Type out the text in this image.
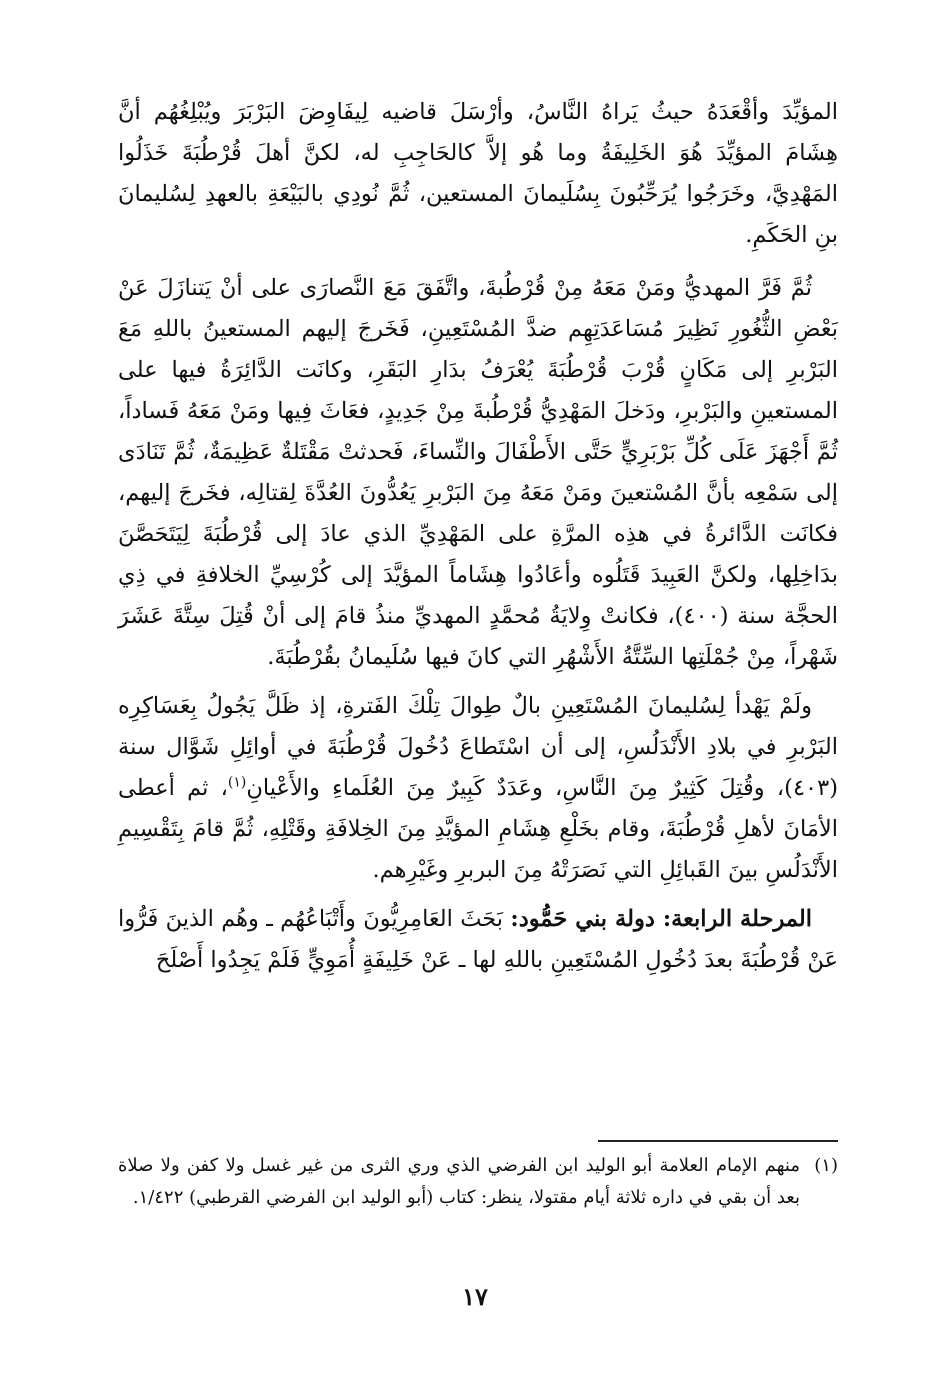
المؤيِّدَ وأقْعَدَهُ حيثُ يَراهُ النَّاسُ، وأرْسَلَ قاضيه لِيفَاوِضَ البَرْبَرَ ويُبْلِغُهُم أنَّ هِشَامَ المؤيِّدَ هُوَ الخَلِيفَةُ وما هُو إلاَّ كالحَاجِبِ له، لكنَّ أهلَ قُرْطُبَةَ خَذَلُوا المَهْدِيَّ، وخَرَجُوا يُرَحِّبُونَ بِسُلَيمانَ المستعين، ثُمَّ نُودِي بالبَيْعَةِ بالعهدِ لِسُليمانَ بنِ الحَكَمِ.

ثُمَّ فَرَّ المهديُّ ومَنْ مَعَهُ مِنْ قُرْطُبةَ، واتَّفَقَ مَعَ النَّصارَى على أنْ يَتنازَلَ عَنْ بَعْضِ الثُّغُورِ نَظِيرَ مُسَاعَدَتِهِم ضدَّ المُسْتَعِينِ، فَخَرجَ إليهم المستعينُ باللهِ مَعَ البَرْبرِ إلى مَكَانٍ قُرْبَ قُرْطُبَةَ يُعْرَفُ بدَارِ البَقَرِ، وكانَت الدَّائِرَةُ فيها على المستعينِ والبَرْبرِ، ودَخلَ المَهْدِيُّ قُرْطُبةَ مِنْ جَدِيدٍ، فعَاثَ فِيها ومَنْ مَعَهُ فَساداً، ثُمَّ أَجْهَزَ عَلَى كُلِّ بَرْبَرِيٍّ حَتَّى الأَطْفَالَ والنِّساءَ، فَحدثتْ مَقْتَلةٌ عَظِيمَةٌ، ثُمَّ تَنَادَى إلى سَمْعِه بأنَّ المُسْتعينَ ومَنْ مَعَهُ مِنَ البَرْبرِ يَعُدُّونَ العُدَّةَ لِقتالِه، فخَرجَ إليهم، فكانَت الدَّائرةُ في هذِه المرَّةِ على المَهْدِيِّ الذي عادَ إلى قُرْطُبَةَ لِيَتَحَصَّنَ بدَاخِلِها، ولكنَّ العَبِيدَ قَتَلُوه وأعَادُوا هِشَاماً المؤيَّدَ إلى كُرْسِيِّ الخلافةِ في ذِي الحجَّة سنة (٤٠٠)، فكانتْ وِلايَةُ مُحمَّدٍ المهديِّ منذُ قامَ إلى أنْ قُتِلَ سِتَّةَ عَشَرَ شَهْراً، مِنْ جُمْلَتِها السِّتَّةُ الأَشْهُرِ التي كانَ فيها سُلَيمانُ بقُرْطُبَةَ.

ولَمْ يَهْدأ لِسُليمانَ المُسْتَعِينِ بالٌ طِوالَ تِلْكَ الفَترةِ، إذ ظَلَّ يَجُولُ بِعَسَاكِرِه البَرْبرِ في بلادِ الأَنْدَلُسِ، إلى أن اسْتَطاعَ دُخُولَ قُرْطُبَةَ في أوائِلِ شَوَّال سنة (٤٠٣)، وقُتِلَ كَثِيرٌ مِنَ النَّاسِ، وعَدَدٌ كَبِيرٌ مِنَ العُلَماءِ والأَعْيانِ$^{(١)}$، ثم أعطى الأمَانَ لأهلِ قُرْطُبَةَ، وقام بخَلْعِ هِشَامِ المؤيَّدِ مِنَ الخِلافَةِ وقَتْلِهِ، ثُمَّ قامَ بِتَقْسِيمِ الأَنْدَلُسِ بينَ القَبائِلِ التي نَصَرَتْهُ مِنَ البربرِ وغَيْرِهم.

المرحلة الرابعة: دولة بني حَمُّود: بَحَثَ العَامِرِيُّونَ وأَتْبَاعُهُم ـ وهُم الذينَ فَرُّوا عَنْ قُرْطُبَةَ بعدَ دُخُولِ المُسْتَعِينِ باللهِ لها ـ عَنْ خَلِيفَةٍ أُمَوِيٍّ فَلَمْ يَجِدُوا أَصْلَحَ

(١)
منهم الإمام العلامة أبو الوليد ابن الفرضي الذي وري الثرى من غير غسل ولا كفن ولا صلاة بعد أن بقي في داره ثلاثة أيام مقتولا، ينظر: كتاب (أبو الوليد ابن الفرضي القرطبي) ١/٤٢٢.
١٧
